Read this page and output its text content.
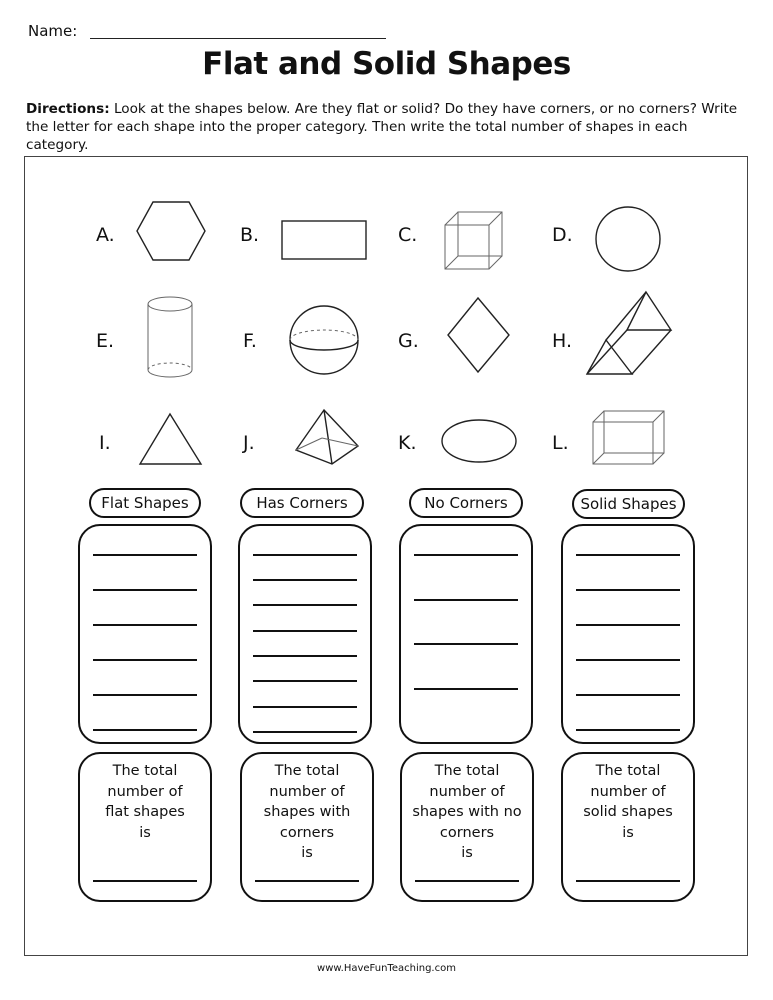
Name:
Flat and Solid Shapes
Directions: Look at the shapes below. Are they flat or solid? Do they have corners, or no corners? Write the letter for each shape into the proper category. Then write the total number of shapes in each category.
A.	B.	C.	D.
E.	F.	G.	H.
I.	J.	K.	L.
Flat Shapes	Has Corners	No Corners	Solid Shapes
The total
number of
flat shapes
is
The total
number of
shapes with
corners
is
The total
number of
shapes with no
corners
is
The total
number of
solid shapes
is
www.HaveFunTeaching.com
